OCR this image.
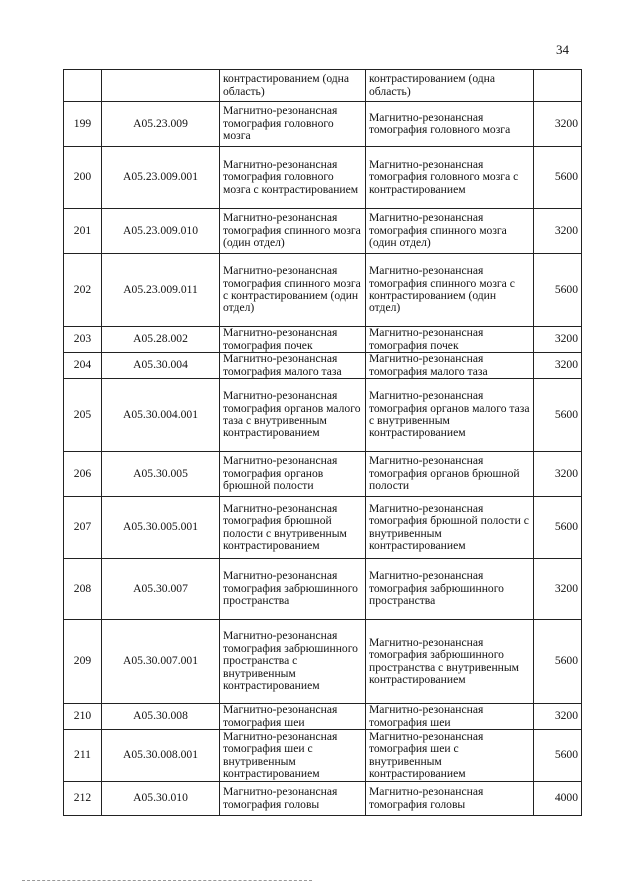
34
		контрастированием (одна область)	контрастированием (одна область)	
199	A05.23.009	Магнитно-резонансная томография головного мозга	Магнитно-резонансная томография головного мозга	3200
200	A05.23.009.001	Магнитно-резонансная томография головного мозга с контрастированием	Магнитно-резонансная томография головного мозга с контрастированием	5600
201	A05.23.009.010	Магнитно-резонансная томография спинного мозга (один отдел)	Магнитно-резонансная томография спинного мозга (один отдел)	3200
202	A05.23.009.011	Магнитно-резонансная томография спинного мозга с контрастированием (один отдел)	Магнитно-резонансная томография спинного мозга с контрастированием (один отдел)	5600
203	A05.28.002	Магнитно-резонансная томография почек	Магнитно-резонансная томография почек	3200
204	A05.30.004	Магнитно-резонансная томография малого таза	Магнитно-резонансная томография малого таза	3200
205	A05.30.004.001	Магнитно-резонансная томография органов малого таза с внутривенным контрастированием	Магнитно-резонансная томография органов малого таза с внутривенным контрастированием	5600
206	A05.30.005	Магнитно-резонансная томография органов брюшной полости	Магнитно-резонансная томография органов брюшной полости	3200
207	A05.30.005.001	Магнитно-резонансная томография брюшной полости с внутривенным контрастированием	Магнитно-резонансная томография брюшной полости с внутривенным контрастированием	5600
208	A05.30.007	Магнитно-резонансная томография забрюшинного пространства	Магнитно-резонансная томография забрюшинного пространства	3200
209	A05.30.007.001	Магнитно-резонансная томография забрюшинного пространства с внутривенным контрастированием	Магнитно-резонансная томография забрюшинного пространства с внутривенным контрастированием	5600
210	A05.30.008	Магнитно-резонансная томография шеи	Магнитно-резонансная томография шеи	3200
211	A05.30.008.001	Магнитно-резонансная томография шеи с внутривенным контрастированием	Магнитно-резонансная томография шеи с внутривенным контрастированием	5600
212	A05.30.010	Магнитно-резонансная томография головы	Магнитно-резонансная томография головы	4000
